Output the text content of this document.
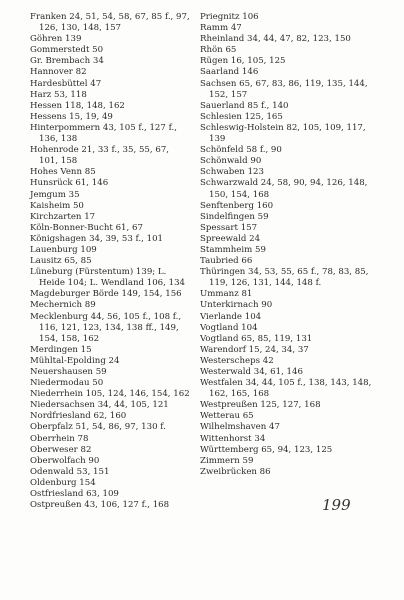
Franken 24, 51, 54, 58, 67, 85 f., 97, 126, 130, 148, 157
Göhren 139
Gommerstedt 50
Gr. Brembach 34
Hannover 82
Hardesbüttel 47
Harz 53, 118
Hessen 118, 148, 162
Hessens 15, 19, 49
Hinterpommern 43, 105 f., 127 f., 136, 138
Hohenrode 21, 33 f., 35, 55, 67, 101, 158
Hohes Venn 85
Hunsrück 61, 146
Jemgum 35
Kaisheim 50
Kirchzarten 17
Köln-Bonner-Bucht 61, 67
Königshagen 34, 39, 53 f., 101
Lauenburg 109
Lausitz 65, 85
Lüneburg (Fürstentum) 139; L. Heide 104; L. Wendland 106, 134
Magdeburger Börde 149, 154, 156
Mechernich 89
Mecklenburg 44, 56, 105 f., 108 f., 116, 121, 123, 134, 138 ff., 149, 154, 158, 162
Merdingen 15
Mühltal-Epolding 24
Neuershausen 59
Niedermodau 50
Niederrhein 105, 124, 146, 154, 162
Niedersachsen 34, 44, 105, 121
Nordfriesland 62, 160
Oberpfalz 51, 54, 86, 97, 130 f.
Oberrhein 78
Oberweser 82
Oberwolfach 90
Odenwald 53, 151
Oldenburg 154
Ostfriesland 63, 109
Ostpreußen 43, 106, 127 f., 168
Priegnitz 106
Ramm 47
Rheinland 34, 44, 47, 82, 123, 150
Rhön 65
Rügen 16, 105, 125
Saarland 146
Sachsen 65, 67, 83, 86, 119, 135, 144, 152, 157
Sauerland 85 f., 140
Schlesien 125, 165
Schleswig-Holstein 82, 105, 109, 117, 139
Schönfeld 58 f., 90
Schönwald 90
Schwaben 123
Schwarzwald 24, 58, 90, 94, 126, 148, 150, 154, 168
Senftenberg 160
Sindelfingen 59
Spessart 157
Spreewald 24
Stammheim 59
Taubried 66
Thüringen 34, 53, 55, 65 f., 78, 83, 85, 119, 126, 131, 144, 148 f.
Ummanz 81
Unterkirnach 90
Vierlande 104
Vogtland 104
Vogtland 65, 85, 119, 131
Warendorf 15, 24, 34, 37
Westerscheps 42
Westerwald 34, 61, 146
Westfalen 34, 44, 105 f., 138, 143, 148, 162, 165, 168
Westpreußen 125, 127, 168
Wetterau 65
Wilhelmshaven 47
Wittenhorst 34
Württemberg 65, 94, 123, 125
Zimmern 59
Zweibrücken 86
199
